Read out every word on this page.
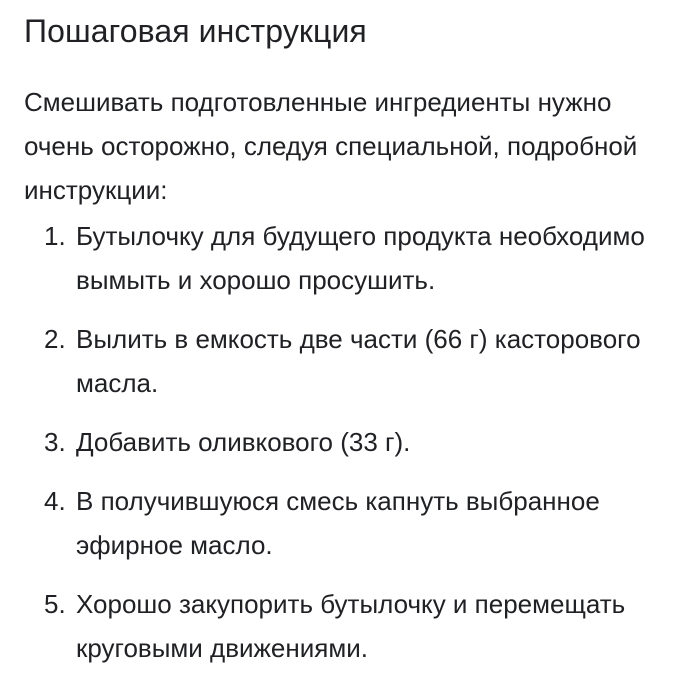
Пошаговая инструкция

Смешивать подготовленные ингредиенты нужно очень осторожно, следуя специальной, подробной инструкции:

1. Бутылочку для будущего продукта необходимо вымыть и хорошо просушить.
2. Вылить в емкость две части (66 г) касторового масла.
3. Добавить оливкового (33 г).
4. В получившуюся смесь капнуть выбранное эфирное масло.
5. Хорошо закупорить бутылочку и перемещать круговыми движениями.
